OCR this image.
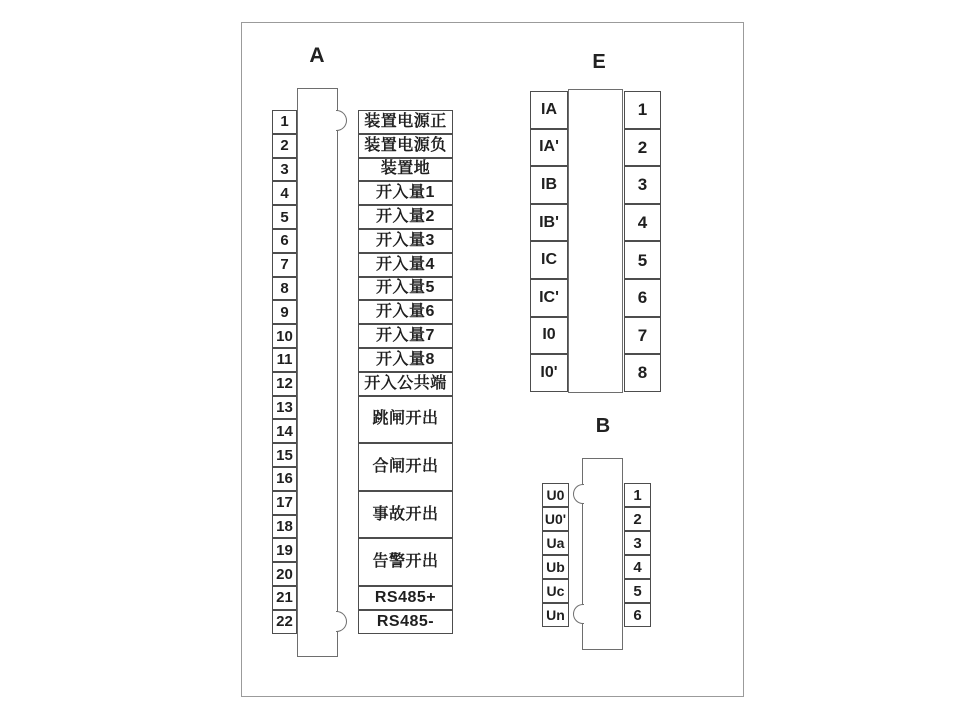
A
1
2
3
4
5
6
7
8
9
10
11
12
13
14
15
16
17
18
19
20
21
22
装置电源正
装置电源负
装置地
开入量1
开入量2
开入量3
开入量4
开入量5
开入量6
开入量7
开入量8
开入公共端
跳闸开出
合闸开出
事故开出
告警开出
RS485+
RS485-
E
IA
IA'
IB
IB'
IC
IC'
I0
I0'
1
2
3
4
5
6
7
8
B
U0
U0'
Ua
Ub
Uc
Un
1
2
3
4
5
6
